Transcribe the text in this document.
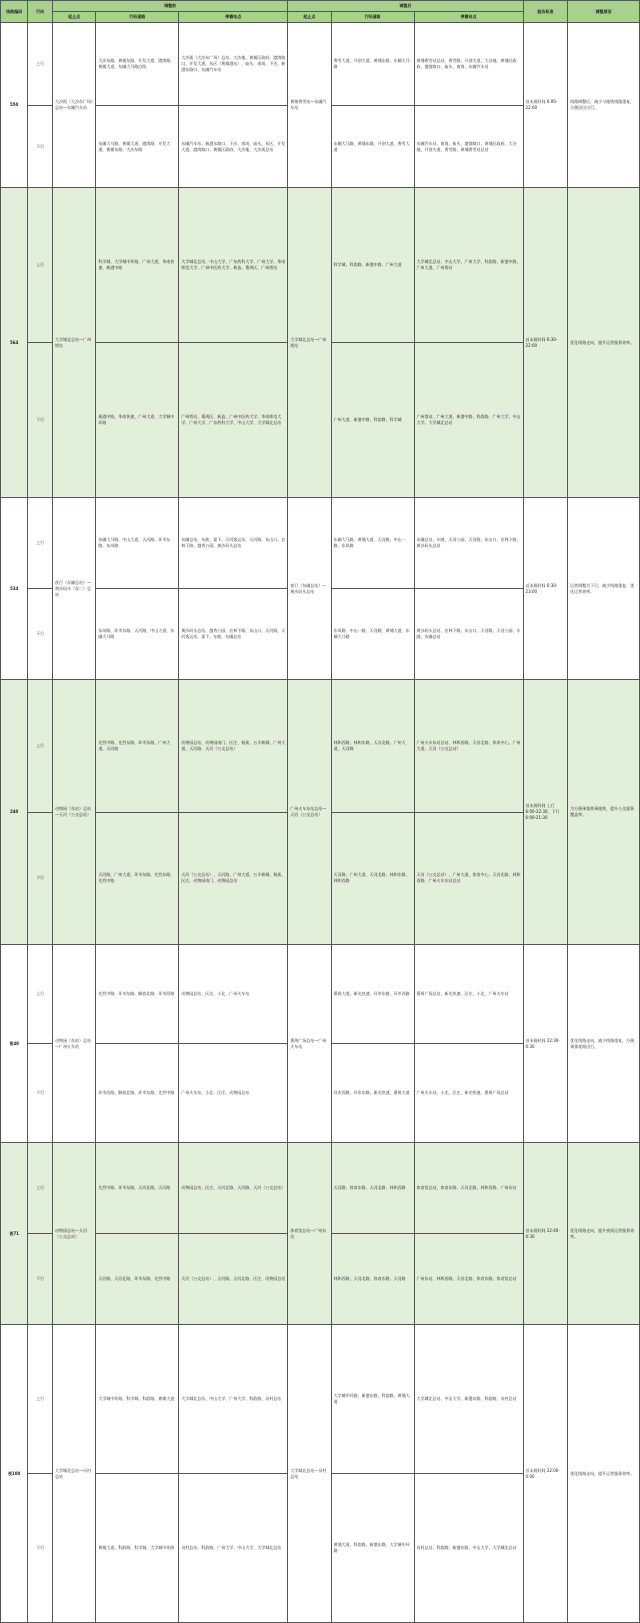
线路编码	行向	调整前			调整后			服务标准	调整原因
		起止点	行经道路	停靠站点	起止点	行经道路	停靠站点		
550	上行	大沙街（大沙东广场）总站—东圃汽车站	大沙东路、黄埔东路、开发大道、港湾路、黄埔大道、东圃大马路沿线	大沙街（大沙东广场）总站、大沙地、黄埔区政府、港湾路口、开发大道、东区（黄埔港站）、庙头、南岗、下沙、新港东路口、东圃汽车站	黄埔香雪站—东圃汽车站	香雪大道、开创大道、黄埔东路、东圃大马路	黄埔香雪站总站、香雪路、开创大道、大沙地、黄埔区政府、港湾路口、庙头、南岗、东圃汽车站	首末班时间 6:00-22:00	线路调整后，减少与地铁线路重复，方便居民出行。
	下行		东圃大马路、黄埔大道、港湾路、开发大道、黄埔东路、大沙东路	东圃汽车站、新港东路口、下沙、南岗、庙头、东区、开发大道、港湾路口、黄埔区政府、大沙地、大沙街总站		东圃大马路、黄埔东路、开创大道、香雪大道	东圃汽车站、南岗、庙头、港湾路口、黄埔区政府、大沙地、开创大道、香雪路、黄埔香雪站总站		
564	上行	大学城北总站—广州塔站	科学城、大学城中环路、广州大道、华南快速、新港中路	大学城北总站、中山大学、广东药科大学、广州大学、华南师范大学、广州中医药大学、新造、番禺区、广州塔站	大学城北总站—广州塔站	科学城、科韵路、新港中路、广州大道	大学城北总站、中山大学、广州大学、科韵路、新港中路、广州大道、广州塔站	首末班时间 6:30-22:00	优化线路走向，提升运营服务效率。
	下行		新港中路、华南快速、广州大道、大学城中环路	广州塔站、番禺区、新造、广州中医药大学、华南师范大学、广州大学、广东药科大学、中山大学、大学城北总站		广州大道、新港中路、科韵路、科学城	广州塔站、广州大道、新港中路、科韵路、广州大学、中山大学、大学城北总站		
534	上行	夜行（东圃总站）—黄沙码头（东二）总站	东圃大马路、中山大道、天河路、环市东路、东风路	东圃总站、车陂、棠下、天河客运站、天河路、东山口、农林下路、越秀公园、黄沙码头总站	夜行（东圃总站）—黄沙码头总站	东圃大马路、黄埔大道、天河路、中山一路、东风路	东圃总站、车陂、天河公园、天河路、东山口、农林下路、黄沙码头总站	首末班时间 6:30-23:00	运营调整为下行，减少线路重复，优化运营效率。
	下行		东风路、环市东路、天河路、中山大道、东圃大马路	黄沙码头总站、越秀公园、农林下路、东山口、天河路、天河客运站、棠下、车陂、东圃总站		东风路、中山一路、天河路、黄埔大道、东圃大马路	黄沙码头总站、农林下路、东山口、天河路、天河公园、车陂、东圃总站		
240	上行	动物园（东站）总站—天河（公交总站）	先烈中路、先烈东路、环市东路、广州大道、天河路	动物园总站、动物园南门、区庄、杨箕、五羊新城、广州大道、天河路、天河（公交总站）	广州火车东站总站—天河（公交总站）	林和西路、林和东路、天河北路、广州大道、天河路	广州火车东站总站、林和西路、天河北路、体育中心、广州大道、天河（公交总站）	首末班时间 上行6:00-22:30，下行6:00-21:30	为方便乘客换乘地铁，提升公交服务覆盖率。
	下行		天河路、广州大道、环市东路、先烈东路、先烈中路	天河（公交总站）、天河路、广州大道、五羊新城、杨箕、区庄、动物园南门、动物园总站		天河路、广州大道、天河北路、林和东路、林和西路	天河（公交总站）、广州大道、体育中心、天河北路、林和西路、广州火车东站总站		
夜48	上行	动物园（东站）总站—广州火车站	先烈中路、环市东路、解放北路、环市西路	动物园总站、区庄、小北、广州火车站	番禺广场总站—广州火车站	番禺大道、新光快速、环市东路、环市西路	番禺广场总站、新光快速、区庄、小北、广州火车站	首末班时间 22:30-0:30	优化线路走向，减少线路重复，方便乘客夜间出行。
	下行		环市西路、解放北路、环市东路、先烈中路	广州火车站、小北、区庄、动物园总站		环市西路、环市东路、新光快速、番禺大道	广州火车站、小北、区庄、新光快速、番禺广场总站		
夜71	上行	动物园总站—天河（公交总站）	先烈中路、环市东路、天河北路、天河路	动物园总站、区庄、天河北路、天河路、天河（公交总站）	体育馆总站—广州东站	天河路、体育东路、天河北路、林和西路	体育馆总站、体育东路、天河北路、林和西路、广州东站	首末班时间 22:40-0:30	优化线路走向，提升夜间运营服务效率。
	下行		天河路、天河北路、环市东路、先烈中路	天河（公交总站）、天河路、天河北路、区庄、动物园总站		林和西路、天河北路、体育东路、天河路	广州东站、林和西路、天河北路、体育东路、体育馆总站		
夜100	上行	大学城北总站—员村总站	大学城中环路、科学城、科韵路、黄埔大道	大学城北总站、中山大学、广州大学、科韵路、员村总站	大学城北总站—员村总站	大学城中环路、新港东路、科韵路、黄埔大道	大学城北总站、中山大学、新港东路、科韵路、员村总站	首末班时间 22:00-0:00	优化线路走向，提升运营服务效率。
	下行		黄埔大道、科韵路、科学城、大学城中环路	员村总站、科韵路、广州大学、中山大学、大学城北总站		黄埔大道、科韵路、新港东路、大学城中环路	员村总站、科韵路、新港东路、中山大学、大学城北总站		
